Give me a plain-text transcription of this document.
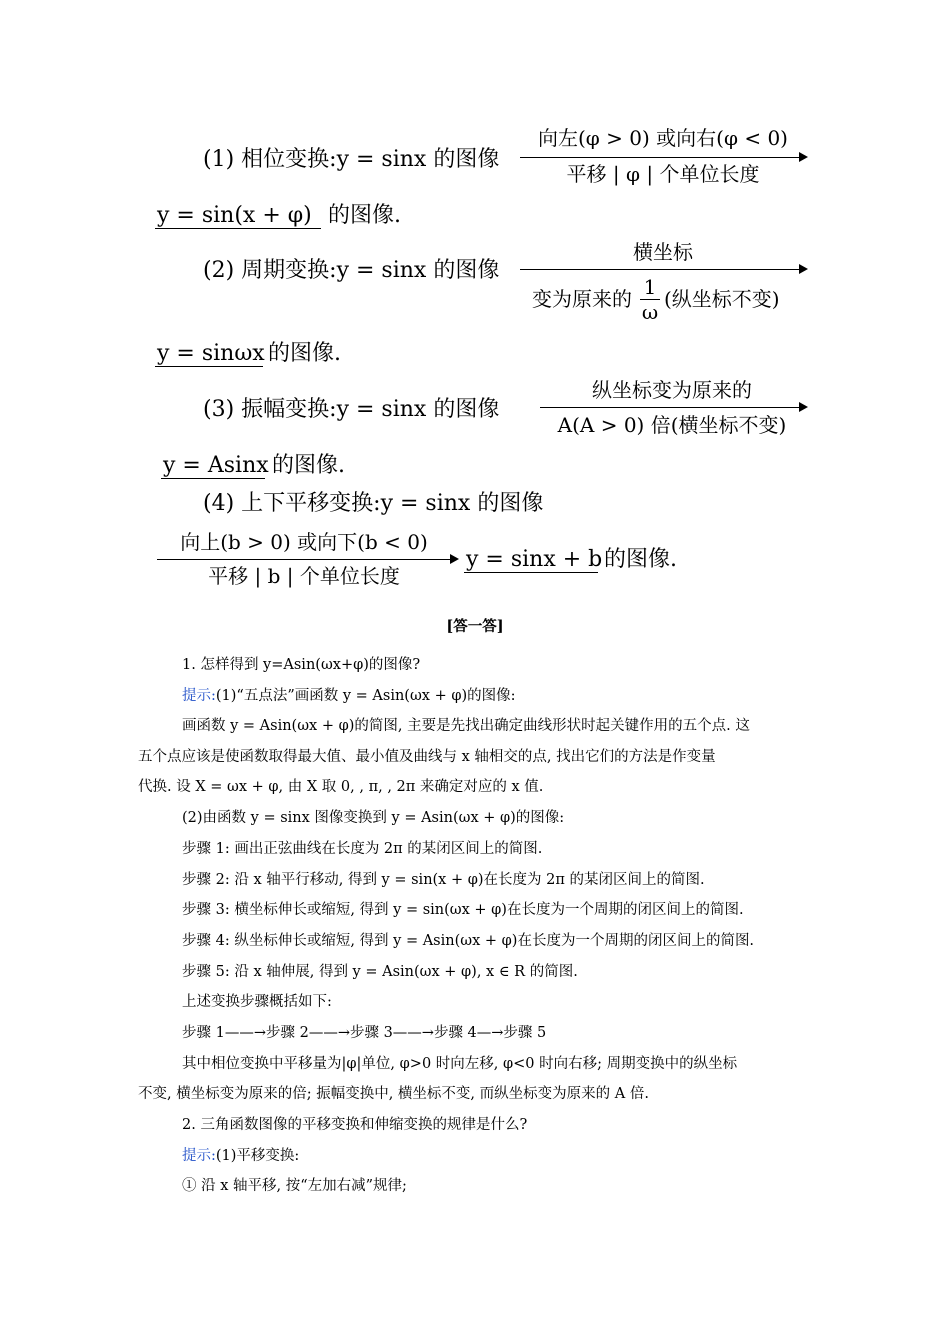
(1) 相位变换:y = sinx 的图像
向左(φ > 0) 或向右(φ < 0)
平移 | φ | 个单位长度
y = sin(x + φ) 的图像.
(2) 周期变换:y = sinx 的图像
横坐标
变为原来的 1
ω
(纵坐标不变)
y = sinωx 的图像.
(3) 振幅变换:y = sinx 的图像
纵坐标变为原来的
A(A > 0) 倍(横坐标不变)
y = Asinx 的图像.
(4) 上下平移变换:y = sinx 的图像
向上(b > 0) 或向下(b < 0)
平移 | b | 个单位长度
y = sinx + b 的图像.
[答一答]
1. 怎样得到 y=Asin(ωx+φ)的图像?
提示:(1)“五点法”画函数 y = Asin(ωx + φ)的图像:
画函数 y = Asin(ωx + φ)的简图, 主要是先找出确定曲线形状时起关键作用的五个点. 这
五个点应该是使函数取得最大值、最小值及曲线与 x 轴相交的点, 找出它们的方法是作变量
代换. 设 X = ωx + φ, 由 X 取 0, , π, , 2π 来确定对应的 x 值.
(2)由函数 y = sinx 图像变换到 y = Asin(ωx + φ)的图像:
步骤 1: 画出正弦曲线在长度为 2π 的某闭区间上的简图.
步骤 2: 沿 x 轴平行移动, 得到 y = sin(x + φ)在长度为 2π 的某闭区间上的简图.
步骤 3: 横坐标伸长或缩短, 得到 y = sin(ωx + φ)在长度为一个周期的闭区间上的简图.
步骤 4: 纵坐标伸长或缩短, 得到 y = Asin(ωx + φ)在长度为一个周期的闭区间上的简图.
步骤 5: 沿 x 轴伸展, 得到 y = Asin(ωx + φ), x ∈ R 的简图.
上述变换步骤概括如下:
步骤 1——→步骤 2——→步骤 3——→步骤 4—→步骤 5
其中相位变换中平移量为|φ|单位, φ>0 时向左移, φ<0 时向右移; 周期变换中的纵坐标
不变, 横坐标变为原来的倍; 振幅变换中, 横坐标不变, 而纵坐标变为原来的 A 倍.
2. 三角函数图像的平移变换和伸缩变换的规律是什么?
提示:(1)平移变换:
① 沿 x 轴平移, 按“左加右减”规律;
